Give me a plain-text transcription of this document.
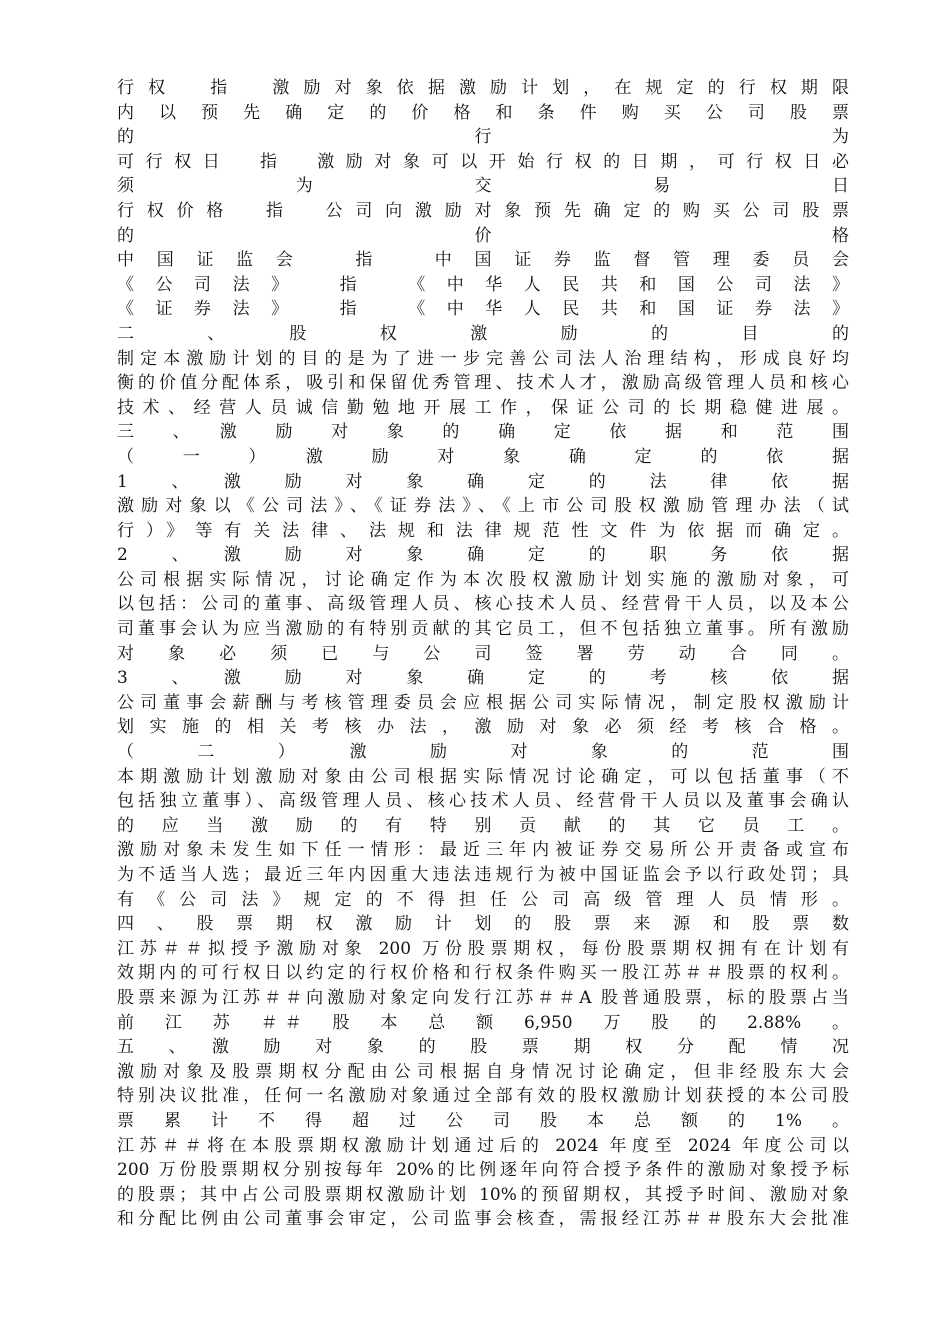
行权　指　激励对象依据激励计划，在规定的行权期限
内以预先确定的价格和条件购买公司股票
的　行　为
可行权日　指　激励对象可以开始行权的日期，可行权日必
须　为　交　易　日
行权价格　指　公司向激励对象预先确定的购买公司股票
的　价　格
中国证监会　指　中国证券监督管理委员会
《公司法》　指　《中华人民共和国公司法》
《证券法》　指　《中华人民共和国证券法》
二　、　股　权　激　励　的　目　的
制定本激励计划的目的是为了进一步完善公司法人治理结构，形成良好均
衡的价值分配体系，吸引和保留优秀管理、技术人才，激励高级管理人员和核心
技术、经营人员诚信勤勉地开展工作，保证公司的长期稳健进展。
三　、　激　励　对　象　的　确　定　依　据　和　范　围
（　一　）　激　励　对　象　确　定　的　依　据
1　、　激　励　对　象　确　定　的　法　律　依　据
激励对象以《公司法》、《证券法》、《上市公司股权激励管理办法（试
行）》等有关法律、法规和法律规范性文件为依据而确定。
2　、　激　励　对　象　确　定　的　职　务　依　据
公司根据实际情况，讨论确定作为本次股权激励计划实施的激励对象，可
以包括：公司的董事、高级管理人员、核心技术人员、经营骨干人员，以及本公
司董事会认为应当激励的有特别贡献的其它员工，但不包括独立董事。所有激励
对象必须已与公司签署劳动合同。
3　、　激　励　对　象　确　定　的　考　核　依　据
公司董事会薪酬与考核管理委员会应根据公司实际情况，制定股权激励计
划实施的相关考核办法，激励对象必须经考核合格。
（　二　）　激　励　对　象　的　范　围
本期激励计划激励对象由公司根据实际情况讨论确定，可以包括董事（不
包括独立董事）、高级管理人员、核心技术人员、经营骨干人员以及董事会确认
的应当激励的有特别贡献的其它员工。
激励对象未发生如下任一情形：最近三年内被证券交易所公开责备或宣布
为不适当人选；最近三年内因重大违法违规行为被中国证监会予以行政处罚；具
有《公司法》规定的不得担任公司高级管理人员情形。
四、股票期权激励计划的股票来源和股票数
江苏＃＃拟授予激励对象 200 万份股票期权，每份股票期权拥有在计划有
效期内的可行权日以约定的行权价格和行权条件购买一股江苏＃＃股票的权利。
股票来源为江苏＃＃向激励对象定向发行江苏＃＃A 股普通股票，标的股票占当
前　江　苏　＃＃　股　本　总　额　6,950　万　股　的　2.88%　。
五　、　激　励　对　象　的　股　票　期　权　分　配　情　况
激励对象及股票期权分配由公司根据自身情况讨论确定，但非经股东大会
特别决议批准，任何一名激励对象通过全部有效的股权激励计划获授的本公司股
票　累　计　不　得　超　过　公　司　股　本　总　额　的　1%　。
江苏＃＃将在本股票期权激励计划通过后的 2024 年度至 2024 年度公司以
200 万份股票期权分别按每年 20%的比例逐年向符合授予条件的激励对象授予标
的股票；其中占公司股票期权激励计划 10%的预留期权，其授予时间、激励对象
和分配比例由公司董事会审定，公司监事会核查，需报经江苏＃＃股东大会批准
